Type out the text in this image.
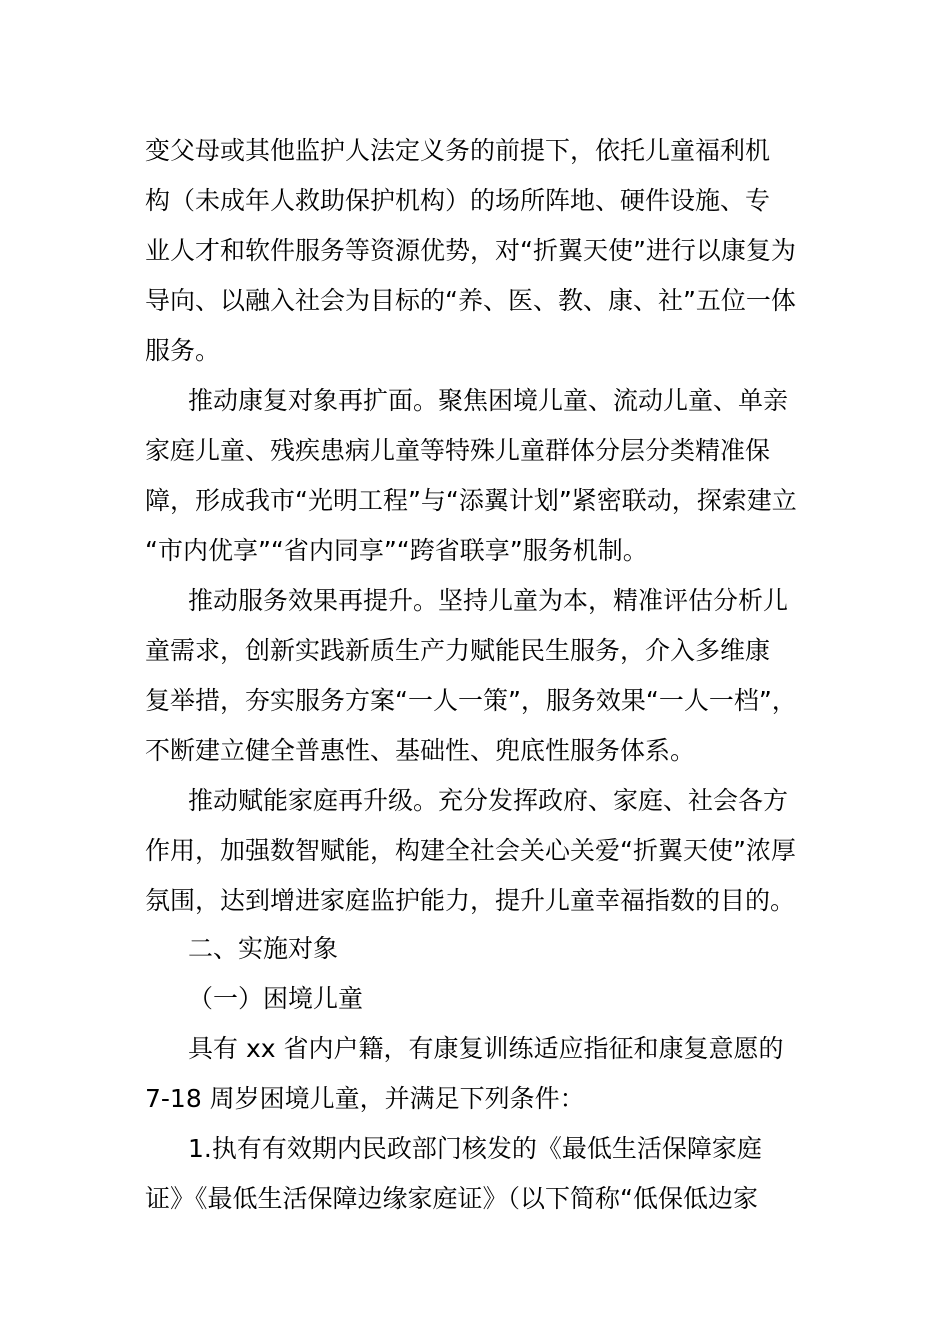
变父母或其他监护人法定义务的前提下，依托儿童福利机
构（未成年人救助保护机构）的场所阵地、硬件设施、专
业人才和软件服务等资源优势，对“折翼天使”进行以康复为
导向、以融入社会为目标的“养、医、教、康、社”五位一体
服务。
推动康复对象再扩面。聚焦困境儿童、流动儿童、单亲
家庭儿童、残疾患病儿童等特殊儿童群体分层分类精准保
障，形成我市“光明工程”与“添翼计划”紧密联动，探索建立
“市内优享”“省内同享”“跨省联享”服务机制。
推动服务效果再提升。坚持儿童为本，精准评估分析儿
童需求，创新实践新质生产力赋能民生服务，介入多维康
复举措，夯实服务方案“一人一策”，服务效果“一人一档”，
不断建立健全普惠性、基础性、兜底性服务体系。
推动赋能家庭再升级。充分发挥政府、家庭、社会各方
作用，加强数智赋能，构建全社会关心关爱“折翼天使”浓厚
氛围，达到增进家庭监护能力，提升儿童幸福指数的目的。
二、实施对象
（一）困境儿童
具有 xx 省内户籍，有康复训练适应指征和康复意愿的
7-18 周岁困境儿童，并满足下列条件：
1.执有有效期内民政部门核发的《最低生活保障家庭
证》《最低生活保障边缘家庭证》（以下简称“低保低边家
